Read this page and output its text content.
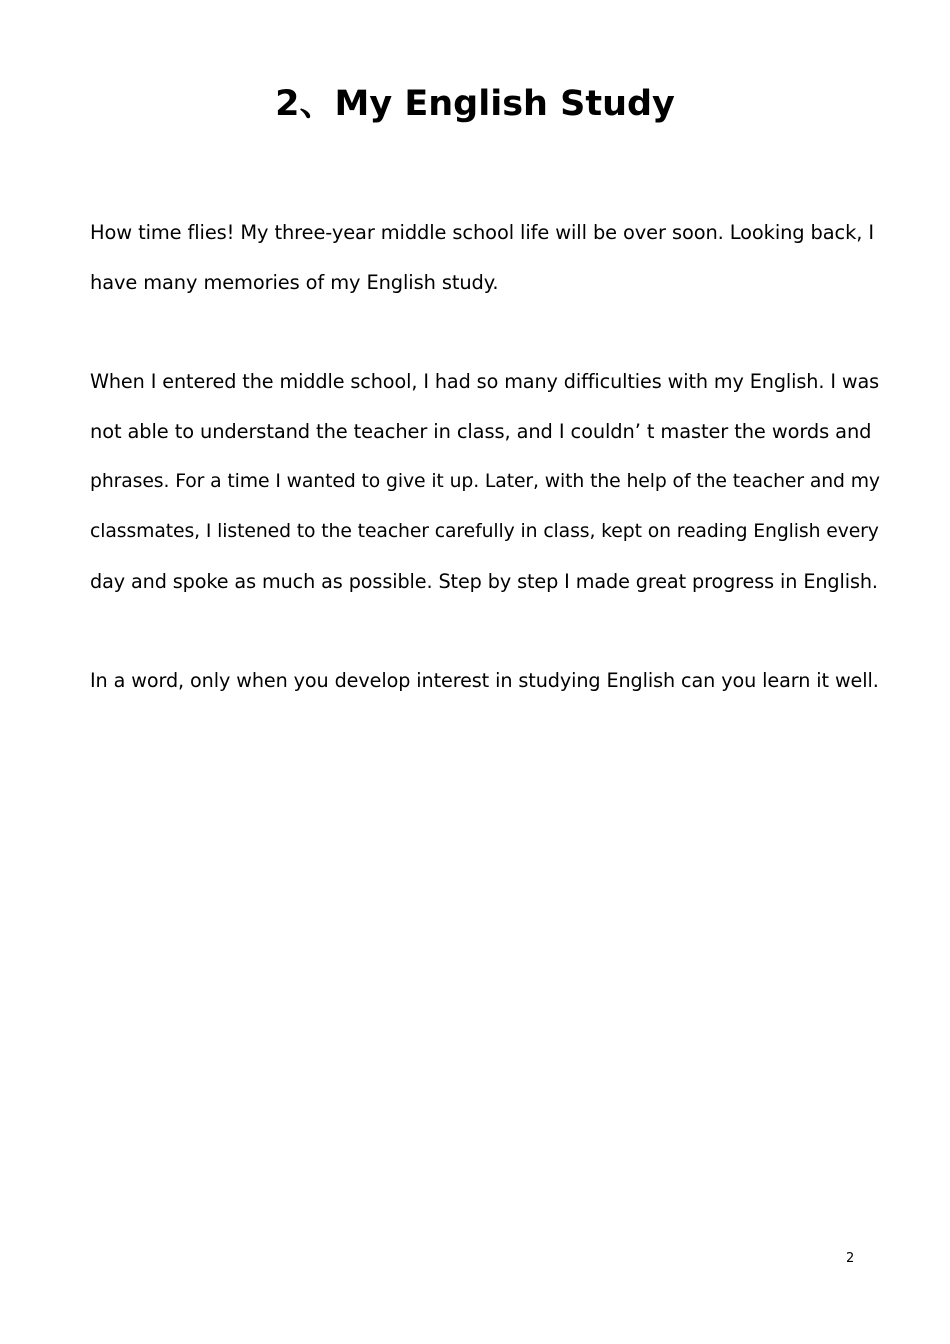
2、My English Study

How time flies! My three-year middle school life will be over soon. Looking back, I
have many memories of my English study.

When I entered the middle school, I had so many difficulties with my English. I was
not able to understand the teacher in class, and I couldn’ t master the words and
phrases. For a time I wanted to give it up. Later, with the help of the teacher and my
classmates, I listened to the teacher carefully in class, kept on reading English every
day and spoke as much as possible. Step by step I made great progress in English.

In a word, only when you develop interest in studying English can you learn it well.

2
